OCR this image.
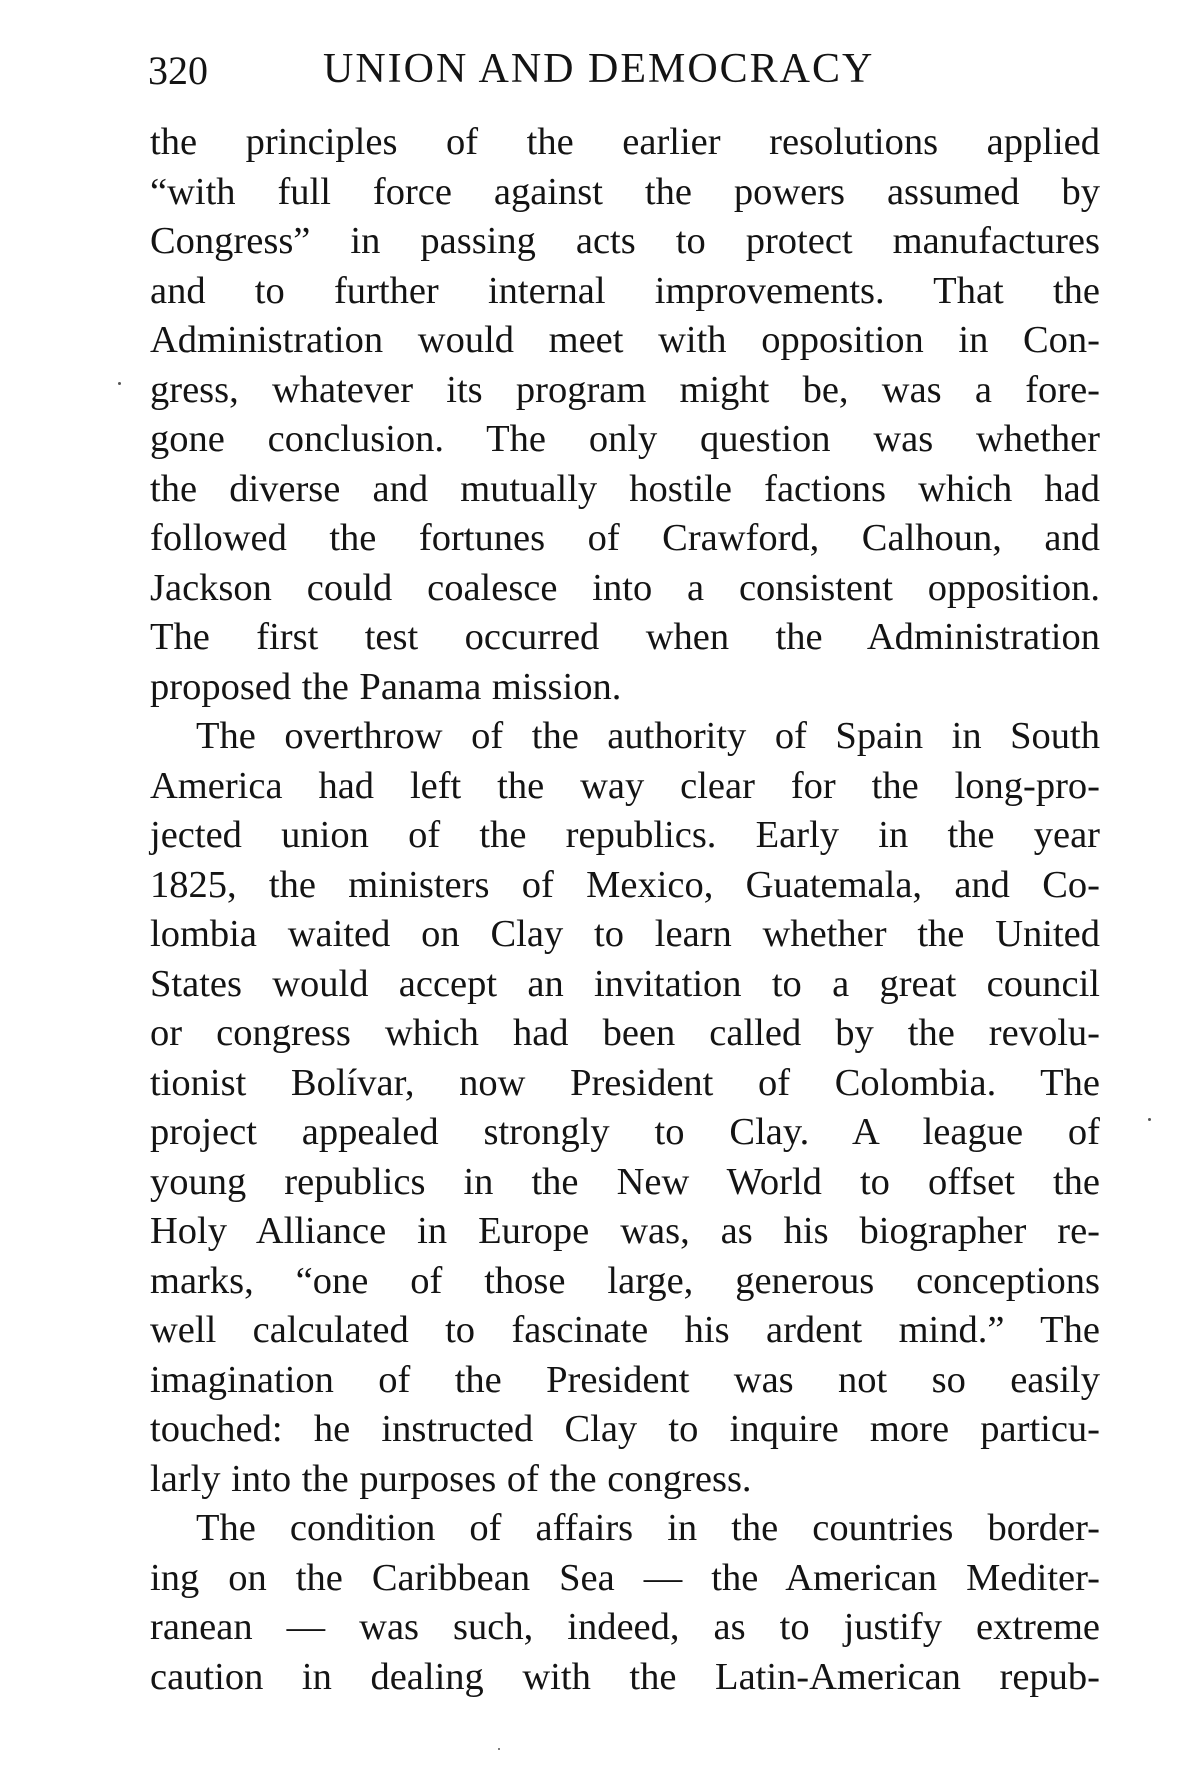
320	UNION AND DEMOCRACY
the principles of the earlier resolutions applied
“with full force against the powers assumed by
Congress” in passing acts to protect manufactures
and to further internal improvements. That the
Administration would meet with opposition in Con-
gress, whatever its program might be, was a fore-
gone conclusion. The only question was whether
the diverse and mutually hostile factions which had
followed the fortunes of Crawford, Calhoun, and
Jackson could coalesce into a consistent opposition.
The first test occurred when the Administration
proposed the Panama mission.
The overthrow of the authority of Spain in South
America had left the way clear for the long-pro-
jected union of the republics. Early in the year
1825, the ministers of Mexico, Guatemala, and Co-
lombia waited on Clay to learn whether the United
States would accept an invitation to a great council
or congress which had been called by the revolu-
tionist Bolívar, now President of Colombia. The
project appealed strongly to Clay. A league of
young republics in the New World to offset the
Holy Alliance in Europe was, as his biographer re-
marks, “one of those large, generous conceptions
well calculated to fascinate his ardent mind.” The
imagination of the President was not so easily
touched: he instructed Clay to inquire more particu-
larly into the purposes of the congress.
The condition of affairs in the countries border-
ing on the Caribbean Sea — the American Mediter-
ranean — was such, indeed, as to justify extreme
caution in dealing with the Latin-American repub-
